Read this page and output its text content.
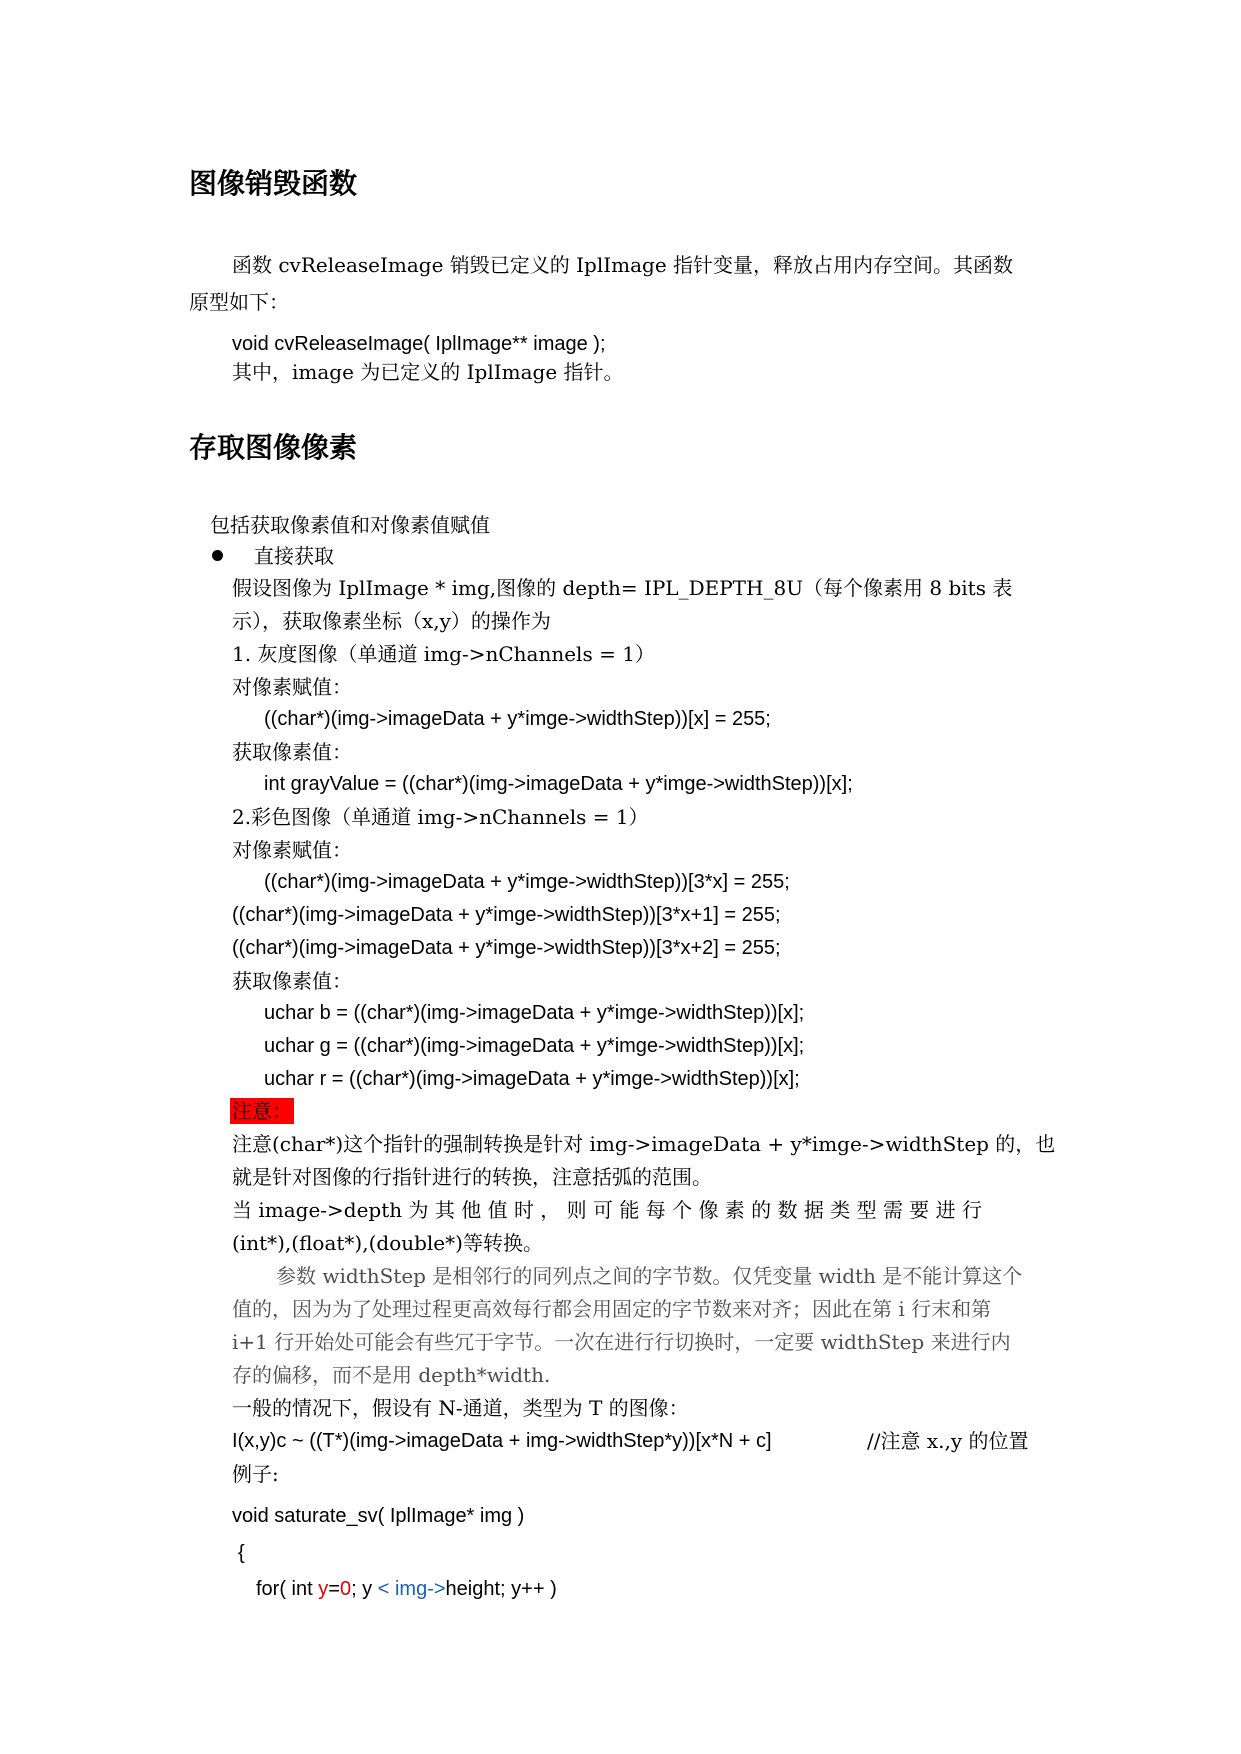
图像销毁函数
函数 cvReleaseImage 销毁已定义的 IplImage 指针变量，释放占用内存空间。其函数
原型如下：
void cvReleaseImage( IplImage** image );
其中，image 为已定义的 IplImage 指针。
存取图像像素
包括获取像素值和对像素值赋值
直接获取
假设图像为 IplImage * img,图像的 depth= IPL_DEPTH_8U（每个像素用 8 bits 表
示），获取像素坐标（x,y）的操作为
1. 灰度图像（单通道 img->nChannels = 1）
对像素赋值：
((char*)(img->imageData + y*imge->widthStep))[x] = 255;
获取像素值：
int grayValue = ((char*)(img->imageData + y*imge->widthStep))[x];
2.彩色图像（单通道 img->nChannels = 1）
对像素赋值：
((char*)(img->imageData + y*imge->widthStep))[3*x] = 255;
((char*)(img->imageData + y*imge->widthStep))[3*x+1] = 255;
((char*)(img->imageData + y*imge->widthStep))[3*x+2] = 255;
获取像素值：
uchar b = ((char*)(img->imageData + y*imge->widthStep))[x];
uchar g = ((char*)(img->imageData + y*imge->widthStep))[x];
uchar r = ((char*)(img->imageData + y*imge->widthStep))[x];
注意：
注意(char*)这个指针的强制转换是针对 img->imageData + y*imge->widthStep 的，也
就是针对图像的行指针进行的转换，注意括弧的范围。
当 image->depth 为 其 他 值 时 ， 则 可 能 每 个 像 素 的 数 据 类 型 需 要 进 行
(int*),(float*),(double*)等转换。
参数 widthStep 是相邻行的同列点之间的字节数。仅凭变量 width 是不能计算这个
值的，因为为了处理过程更高效每行都会用固定的字节数来对齐；因此在第 i 行末和第
i+1 行开始处可能会有些冗于字节。一次在进行行切换时，一定要 widthStep 来进行内
存的偏移，而不是用 depth*width.
一般的情况下，假设有 N-通道，类型为 T 的图像：
I(x,y)c ~ ((T*)(img->imageData + img->widthStep*y))[x*N + c]	//注意 x.,y 的位置
例子:
void saturate_sv( IplImage* img )
{
for( int y=0; y < img->height; y++ )
